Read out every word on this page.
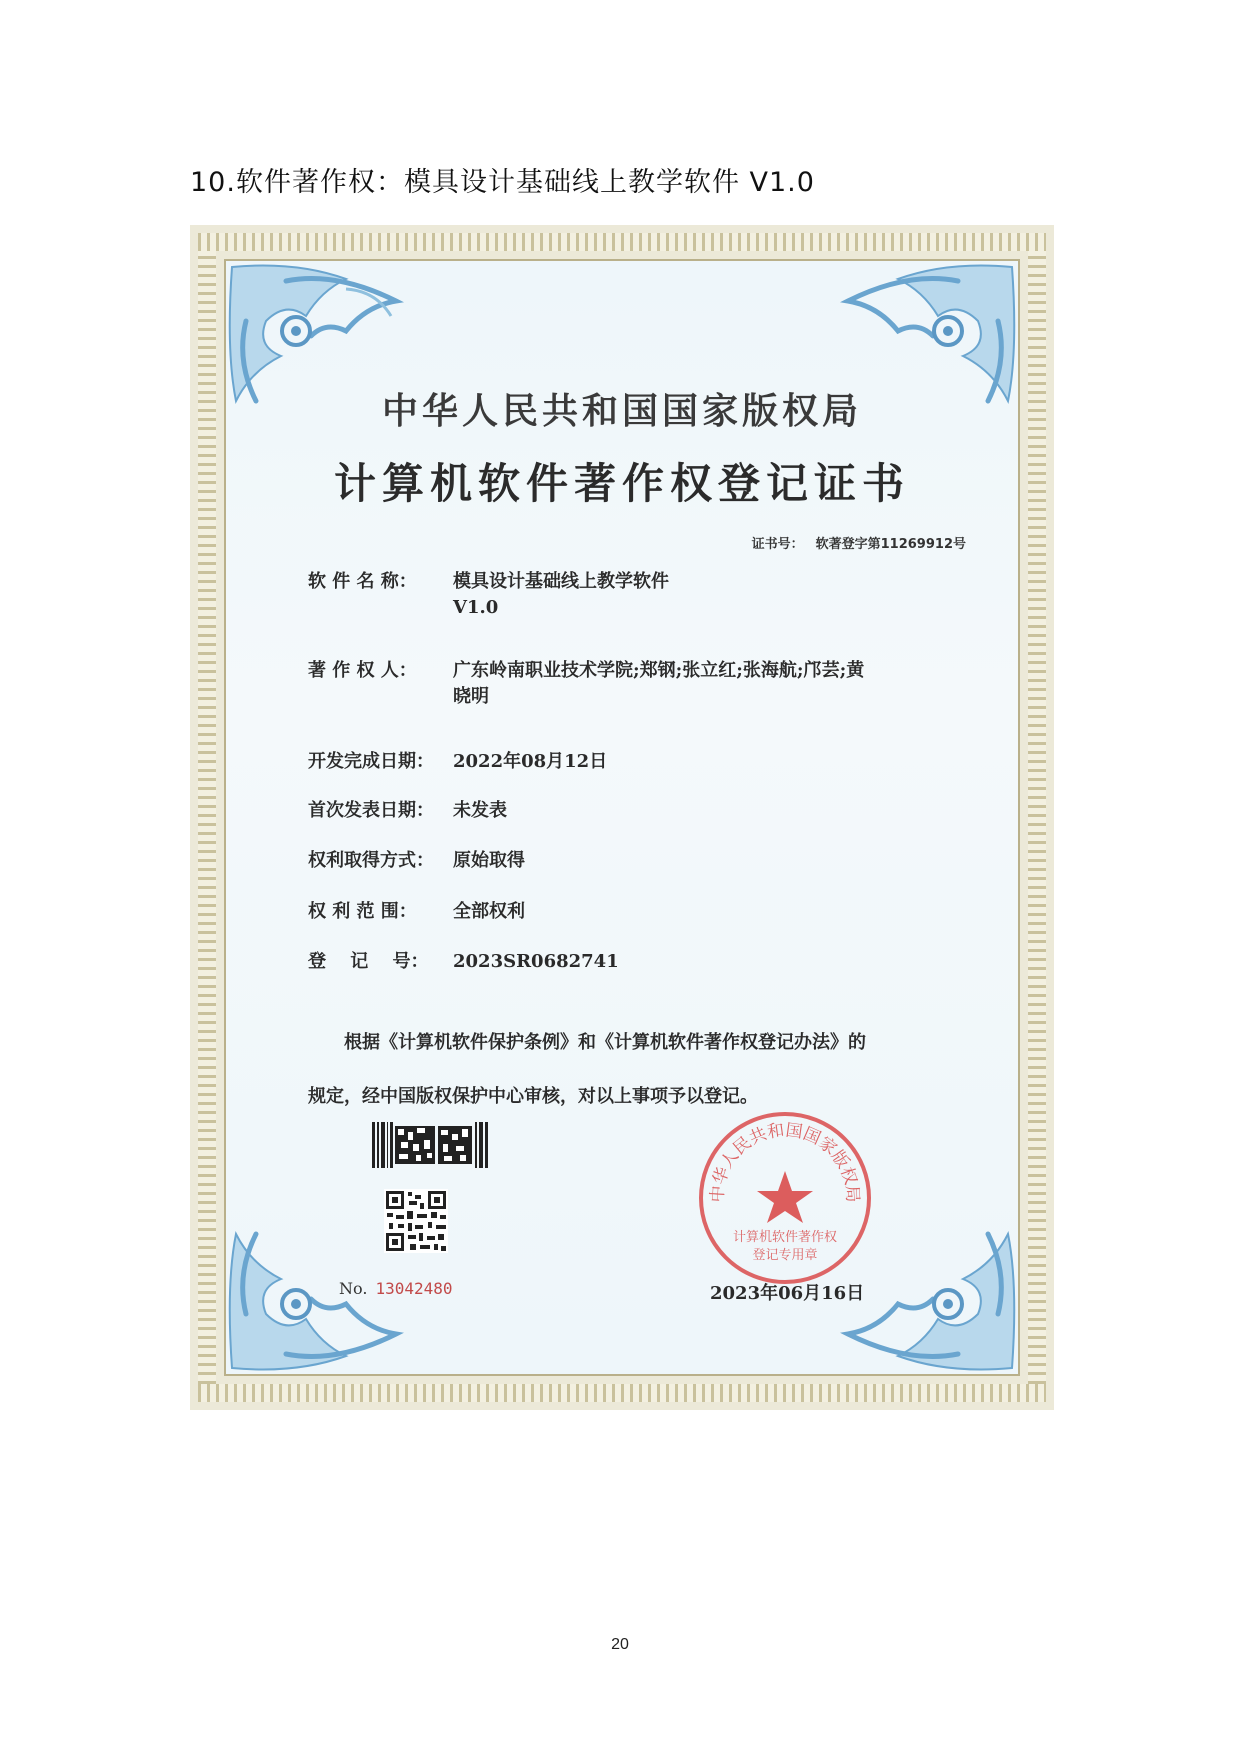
10.软件著作权：模具设计基础线上教学软件 V1.0
中华人民共和国国家版权局
计算机软件著作权登记证书
证书号： 软著登字第11269912号
软 件 名 称：	模具设计基础线上教学软件
V1.0
著 作 权 人：	广东岭南职业技术学院;郑钢;张立红;张海航;邝芸;黄
晓明
开发完成日期：	2022年08月12日
首次发表日期：	未发表
权利取得方式：	原始取得
权 利 范 围：	全部权利
登　 记　 号：	2023SR0682741
根据《计算机软件保护条例》和《计算机软件著作权登记办法》的
规定，经中国版权保护中心审核，对以上事项予以登记。
No. 13042480
中华人民共和国国家版权局
计算机软件著作权
登记专用章
2023年06月16日
20
